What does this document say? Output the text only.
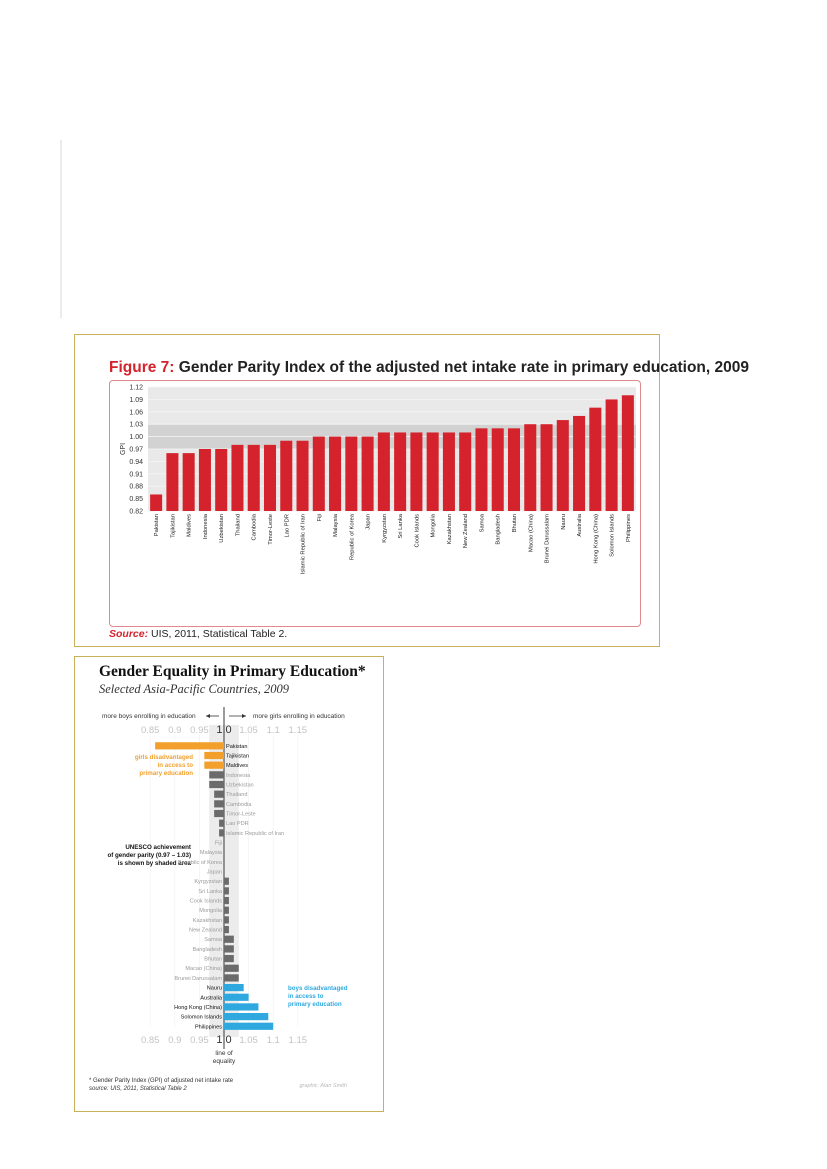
Figure 7: Gender Parity Index of the adjusted net intake rate in primary education, 2009
0.82
0.85
0.88
0.91
0.94
0.97
1.00
1.03
1.06
1.09
1.12
GPI
Pakistan Tajikistan Maldives Indonesia Uzbekistan Thailand Cambodia Timor-Leste Lao PDR Islamic Republic of Iran Fiji Malaysia Republic of Korea Japan Kyrgyzstan Sri Lanka Cook Islands Mongolia Kazakhstan New Zealand Samoa Bangladesh Bhutan Macao (China) Brunei Darussalam Nauru Australia Hong Kong (China) Solomon Islands Philippines
Source: UIS, 2011, Statistical Table 2.
Gender Equality in Primary Education*
Selected Asia-Pacific Countries, 2009
more boys enrolling in education	more girls enrolling in education
girls disadvantaged
in access to
primary education
UNESCO achievement
of gender parity (0.97 – 1.03)
is shown by shaded area
boys disadvantaged
in access to
primary education
line of
equality
* Gender Parity Index (GPI) of adjusted net intake rate
source: UIS, 2011, Statistical Table 2	graphic: Alan Smith
0.85
0.85
0.9
0.9
0.95
0.95
1.0
1.0
1.05
1.05
1.1
1.1
1.15
1.15
Pakistan
Tajikistan
Maldives
Indonesia
Uzbekistan
Thailand
Cambodia
Timor-Leste
Lao PDR
Islamic Republic of Iran
Fiji
Malaysia
Republic of Korea
Japan
Kyrgyzstan
Sri Lanka
Cook Islands
Mongolia
Kazakhstan
New Zealand
Samoa
Bangladesh
Bhutan
Macao (China)
Brunei Darussalam
Nauru
Australia
Hong Kong (China)
Solomon Islands
Philippines
